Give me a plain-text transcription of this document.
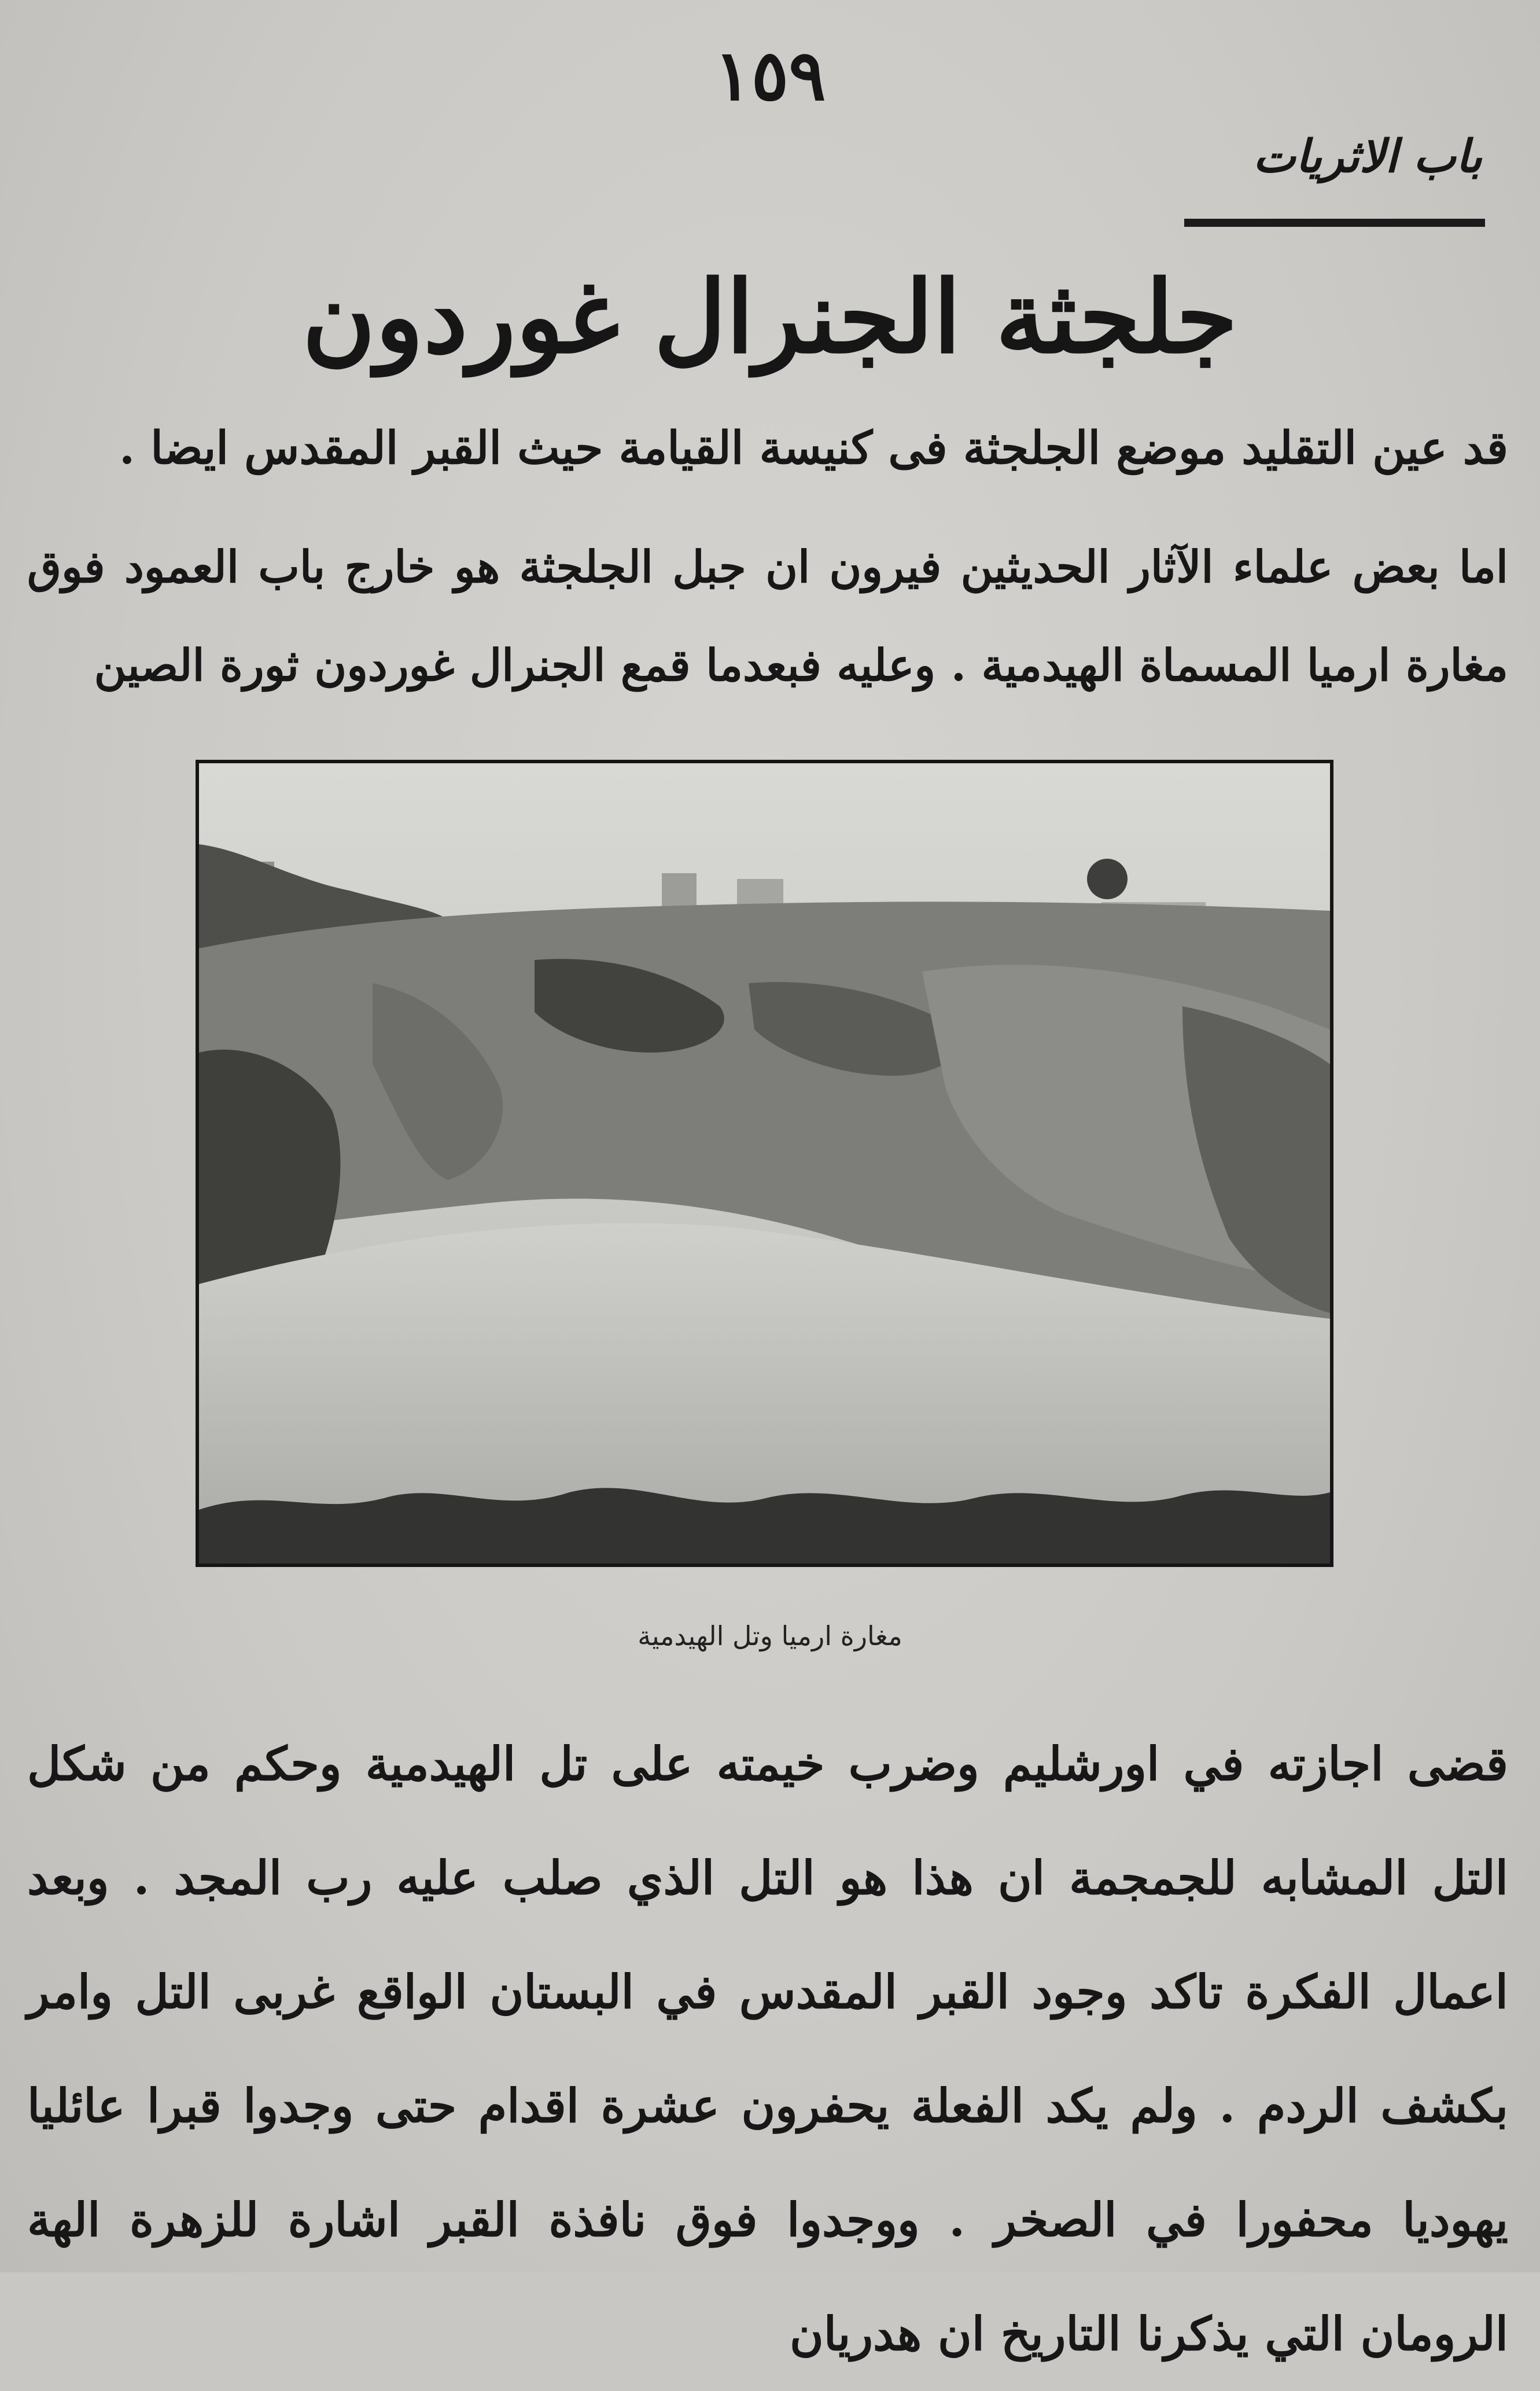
١٥٩
باب الاثريات
جلجثة الجنرال غوردون
قد عين التقليد موضع الجلجثة فى كنيسة القيامة حيث القبر المقدس ايضا .
اما بعض علماء الآثار الحديثين فيرون ان جبل الجلجثة هو خارج باب العمود فوق مغارة ارميا المسماة الهيدمية . وعليه فبعدما قمع الجنرال غوردون ثورة الصين
مغارة ارميا وتل الهيدمية
قضى اجازته في اورشليم وضرب خيمته على تل الهيدمية وحكم من شكل التل المشابه للجمجمة ان هذا هو التل الذي صلب عليه رب المجد . وبعد اعمال الفكرة تاكد وجود القبر المقدس في البستان الواقع غربى التل وامر بكشف الردم . ولم يكد الفعلة يحفرون عشرة اقدام حتى وجدوا قبرا عائليا يهوديا محفورا في الصخر . ووجدوا فوق نافذة القبر اشارة للزهرة الهة الرومان التي يذكرنا التاريخ ان هدريان
